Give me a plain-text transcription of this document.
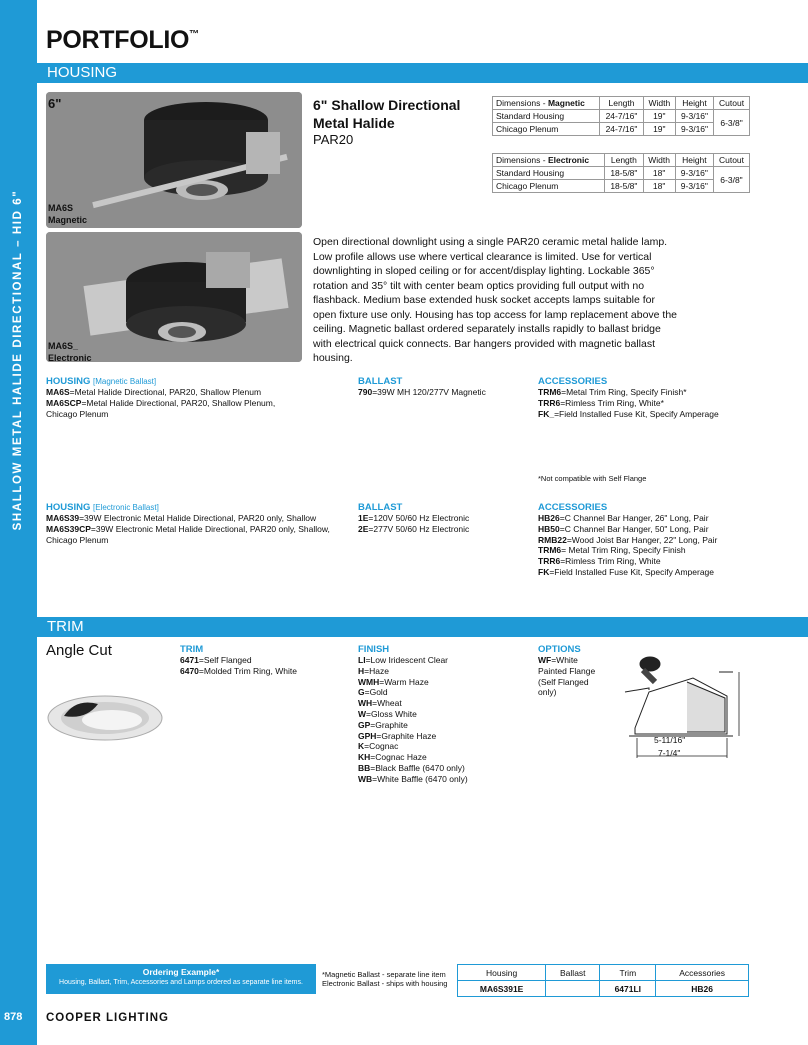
SHALLOW METAL HALIDE DIRECTIONAL – HID 6"
878
PORTFOLIO™
HOUSING
6"
MA6S
Magnetic
MA6S_
Electronic
6" Shallow Directional
Metal Halide
PAR20
Dimensions - Magnetic	Length	Width	Height	Cutout
Standard Housing	24-7/16"	19"	9-3/16"	6-3/8"
Chicago Plenum	24-7/16"	19"	9-3/16"	
Dimensions - Electronic	Length	Width	Height	Cutout
Standard Housing	18-5/8"	18"	9-3/16"	6-3/8"
Chicago Plenum	18-5/8"	18"	9-3/16"	
Open directional downlight using a single PAR20 ceramic metal halide lamp. Low profile allows use where vertical clearance is limited. Use for vertical downlighting in sloped ceiling or for accent/display lighting. Lockable 365° rotation and 35° tilt with center beam optics providing full output with no flashback. Medium base extended husk socket accepts lamps suitable for open fixture use only. Housing has top access for lamp replacement above the ceiling. Magnetic ballast ordered separately installs rapidly to ballast bridge with electrical quick connects. Bar hangers provided with magnetic ballast housing.
HOUSING [Magnetic Ballast]
MA6S=Metal Halide Directional, PAR20, Shallow Plenum
MA6SCP=Metal Halide Directional, PAR20, Shallow Plenum,
Chicago Plenum
BALLAST
790=39W MH 120/277V Magnetic
ACCESSORIES
TRM6=Metal Trim Ring, Specify Finish*
TRR6=Rimless Trim Ring, White*
FK_=Field Installed Fuse Kit, Specify Amperage
*Not compatible with Self Flange
HOUSING [Electronic Ballast]
MA6S39=39W Electronic Metal Halide Directional, PAR20 only, Shallow
MA6S39CP=39W Electronic Metal Halide Directional, PAR20 only, Shallow,
Chicago Plenum
BALLAST
1E=120V 50/60 Hz Electronic
2E=277V 50/60 Hz Electronic
ACCESSORIES
HB26=C Channel Bar Hanger, 26" Long, Pair
HB50=C Channel Bar Hanger, 50" Long, Pair
RMB22=Wood Joist Bar Hanger, 22" Long, Pair
TRM6= Metal Trim Ring, Specify Finish
TRR6=Rimless Trim Ring, White
FK=Field Installed Fuse Kit, Specify Amperage
TRIM
Angle Cut	TRIM
6471=Self Flanged
6470=Molded Trim Ring, White
FINISH
LI=Low Iridescent Clear
H=Haze
WMH=Warm Haze
G=Gold
WH=Wheat
W=Gloss White
GP=Graphite
GPH=Graphite Haze
K=Cognac
KH=Cognac Haze
BB=Black Baffle (6470 only)
WB=White Baffle (6470 only)
OPTIONS
WF=White
Painted Flange
(Self Flanged
only)
5-11/16"
7-1/4"
Ordering Example*
Housing, Ballast, Trim, Accessories and Lamps ordered as separate line items.
*Magnetic Ballast - separate line item
Electronic Ballast - ships with housing
Housing	Ballast	Trim	Accessories
MA6S391E		6471LI	HB26
COOPER LIGHTING
